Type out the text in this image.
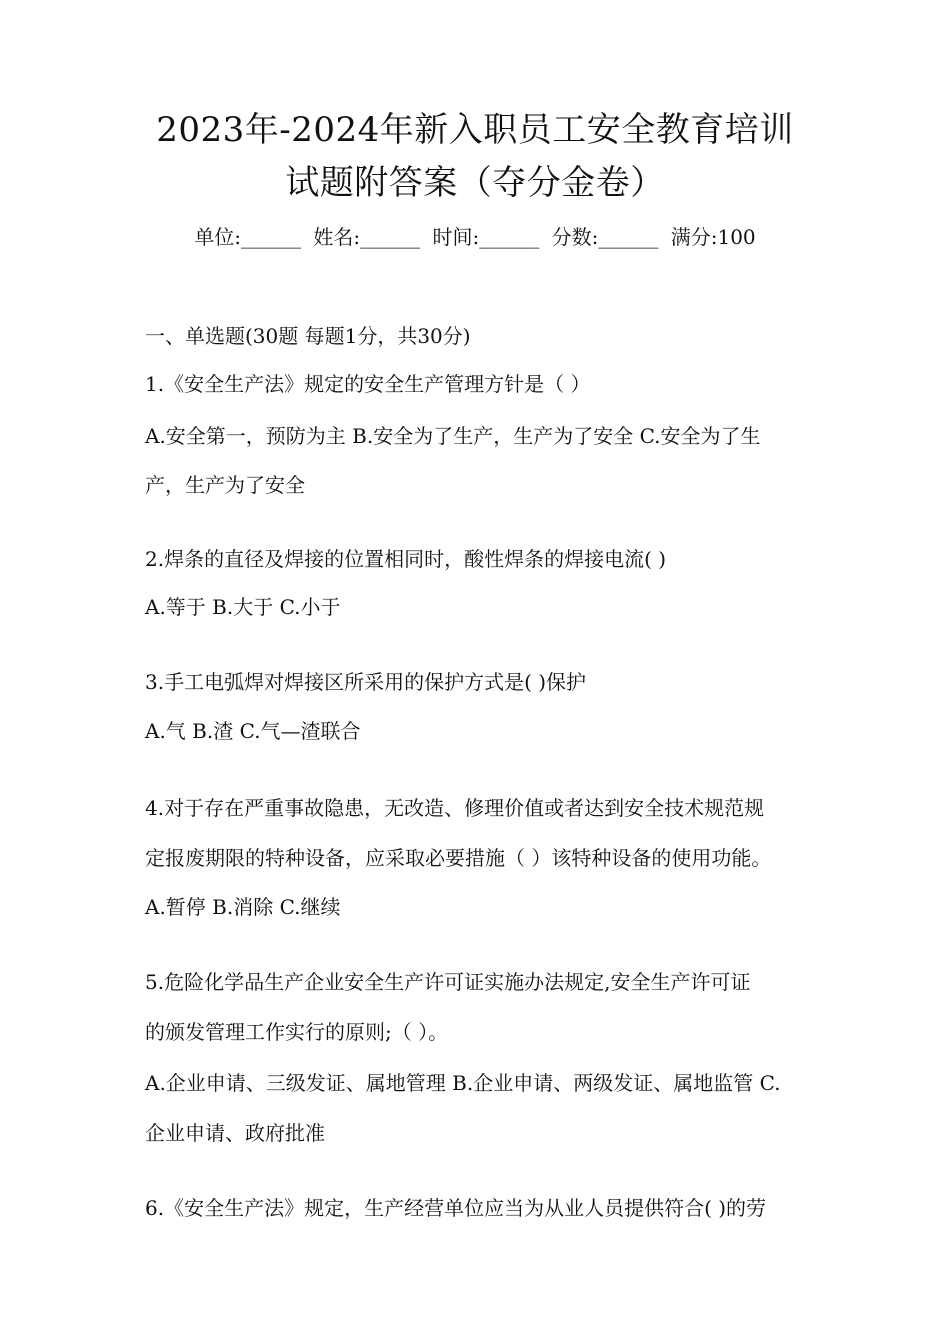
2023年-2024年新入职员工安全教育培训
试题附答案（夺分金卷）
单位:______ 姓名:______ 时间:______ 分数:______ 满分:100
一、单选题(30题 每题1分，共30分)
1.《安全生产法》规定的安全生产管理方针是（ ）
A.安全第一，预防为主 B.安全为了生产，生产为了安全 C.安全为了生
产，生产为了安全
2.焊条的直径及焊接的位置相同时，酸性焊条的焊接电流( )
A.等于 B.大于 C.小于
3.手工电弧焊对焊接区所采用的保护方式是( )保护
A.气 B.渣 C.气—渣联合
4.对于存在严重事故隐患，无改造、修理价值或者达到安全技术规范规
定报废期限的特种设备，应采取必要措施（ ）该特种设备的使用功能。
A.暂停 B.消除 C.继续
5.危险化学品生产企业安全生产许可证实施办法规定,安全生产许可证
的颁发管理工作实行的原则;（ ）。
A.企业申请、三级发证、属地管理 B.企业申请、两级发证、属地监管 C.
企业申请、政府批准
6.《安全生产法》规定，生产经营单位应当为从业人员提供符合( )的劳
